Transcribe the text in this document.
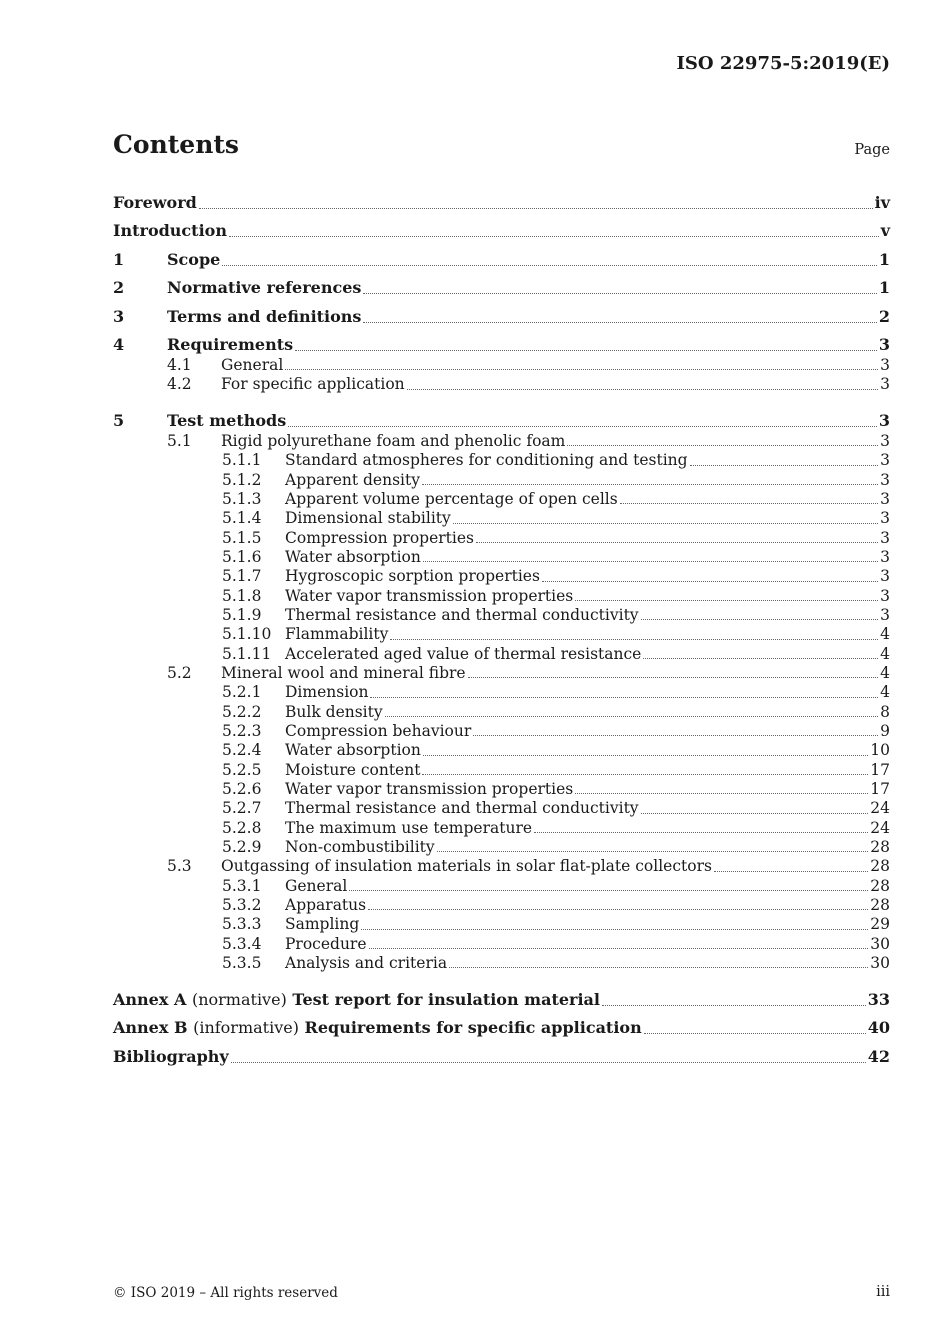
ISO 22975-5:2019(E)
Contents	Page
Foreword	iv
Introduction	v
1	Scope	1
2	Normative references	1
3	Terms and definitions	2
4	Requirements	3
4.1	General	3
4.2	For specific application	3
5	Test methods	3
5.1	Rigid polyurethane foam and phenolic foam	3
5.1.1	Standard atmospheres for conditioning and testing	3
5.1.2	Apparent density	3
5.1.3	Apparent volume percentage of open cells	3
5.1.4	Dimensional stability	3
5.1.5	Compression properties	3
5.1.6	Water absorption	3
5.1.7	Hygroscopic sorption properties	3
5.1.8	Water vapor transmission properties	3
5.1.9	Thermal resistance and thermal conductivity	3
5.1.10 Flammability	4
5.1.11 Accelerated aged value of thermal resistance	4
5.2	Mineral wool and mineral fibre	4
5.2.1	Dimension	4
5.2.2	Bulk density	8
5.2.3	Compression behaviour	9
5.2.4	Water absorption	10
5.2.5	Moisture content	17
5.2.6	Water vapor transmission properties	17
5.2.7	Thermal resistance and thermal conductivity	24
5.2.8	The maximum use temperature	24
5.2.9	Non-combustibility	28
5.3	Outgassing of insulation materials in solar flat-plate collectors	28
5.3.1	General	28
5.3.2	Apparatus	28
5.3.3	Sampling	29
5.3.4	Procedure	30
5.3.5	Analysis and criteria	30
Annex A (normative) Test report for insulation material	33
Annex B (informative) Requirements for specific application	40
Bibliography	42
© ISO 2019 – All rights reserved	iii
